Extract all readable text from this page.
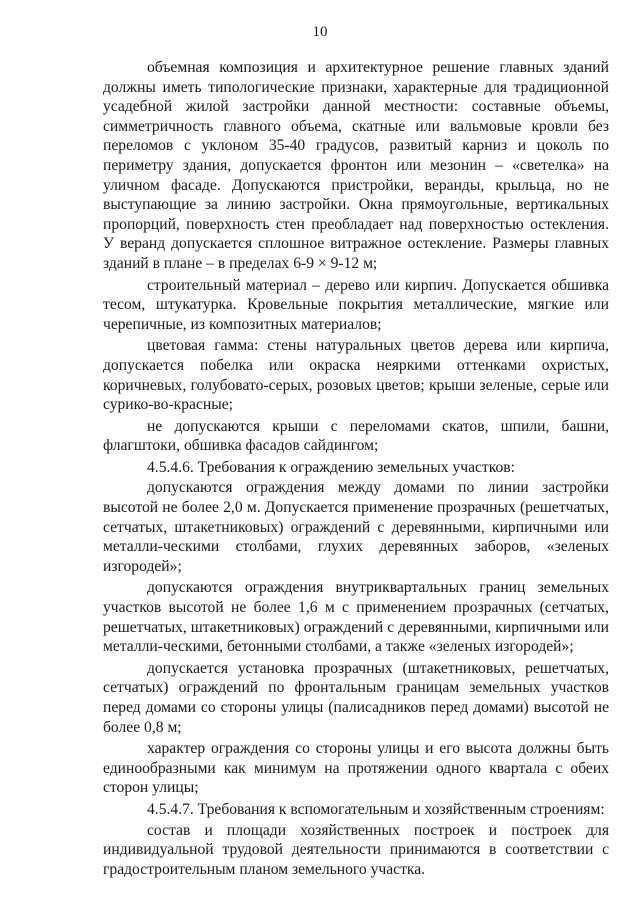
10

объемная композиция и архитектурное решение главных зданий должны иметь типологические признаки, характерные для традиционной усадебной жилой застройки данной местности: составные объемы, симметричность главного объема, скатные или вальмовые кровли без переломов с уклоном 35-40 градусов, развитый карниз и цоколь по периметру здания, допускается фронтон или мезонин – «светелка» на уличном фасаде. Допускаются пристройки, веранды, крыльца, но не выступающие за линию застройки. Окна прямоугольные, вертикальных пропорций, поверхность стен преобладает над поверхностью остекления. У веранд допускается сплошное витражное остекление. Размеры главных зданий в плане – в пределах 6-9 × 9-12 м;

строительный материал – дерево или кирпич. Допускается обшивка тесом, штукатурка. Кровельные покрытия металлические, мягкие или черепичные, из композитных материалов;

цветовая гамма: стены натуральных цветов дерева или кирпича, допускается побелка или окраска неяркими оттенками охристых, коричневых, голубовато-серых, розовых цветов; крыши зеленые, серые или сурико-во-красные;

не допускаются крыши с переломами скатов, шпили, башни, флагштоки, обшивка фасадов сайдингом;

4.5.4.6. Требования к ограждению земельных участков:

допускаются ограждения между домами по линии застройки высотой не более 2,0 м. Допускается применение прозрачных (решетчатых, сетчатых, штакетниковых) ограждений с деревянными, кирпичными или металли-ческими столбами, глухих деревянных заборов, «зеленых изгородей»;

допускаются ограждения внутриквартальных границ земельных участков высотой не более 1,6 м с применением прозрачных (сетчатых, решетчатых, штакетниковых) ограждений с деревянными, кирпичными или металли-ческими, бетонными столбами, а также «зеленых изгородей»;

допускается установка прозрачных (штакетниковых, решетчатых, сетчатых) ограждений по фронтальным границам земельных участков перед домами со стороны улицы (палисадников перед домами) высотой не более 0,8 м;

характер ограждения со стороны улицы и его высота должны быть единообразными как минимум на протяжении одного квартала с обеих сторон улицы;

4.5.4.7. Требования к вспомогательным и хозяйственным строениям:

состав и площади хозяйственных построек и построек для индивидуальной трудовой деятельности принимаются в соответствии с градостроительным планом земельного участка.
